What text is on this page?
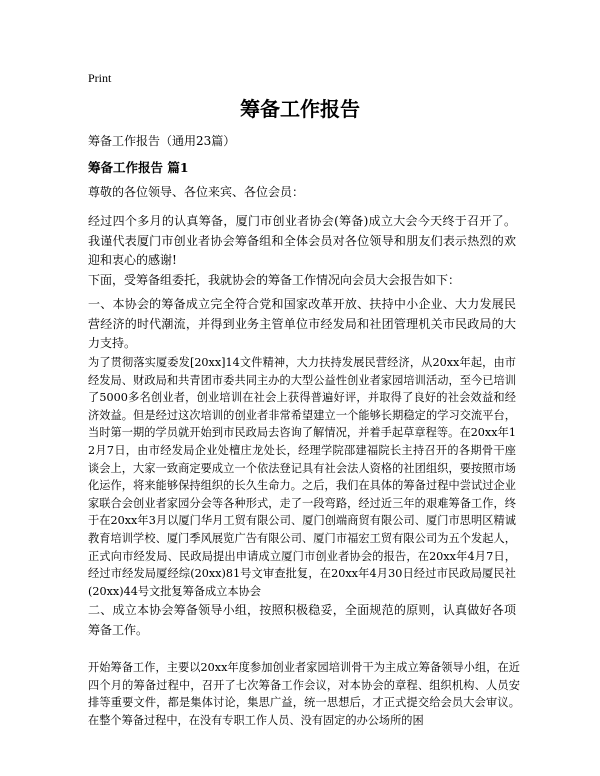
Print
筹备工作报告

筹备工作报告（通用23篇）

筹备工作报告 篇1

尊敬的各位领导、各位来宾、各位会员：

经过四个多月的认真筹备，厦门市创业者协会(筹备)成立大会今天终于召开了。我谨代表厦门市创业者协会筹备组和全体会员对各位领导和朋友们表示热烈的欢迎和衷心的感谢!

下面，受筹备组委托，我就协会的筹备工作情况向会员大会报告如下：

一、本协会的筹备成立完全符合党和国家改革开放、扶持中小企业、大力发展民营经济的时代潮流，并得到业务主管单位市经发局和社团管理机关市民政局的大力支持。

为了贯彻落实厦委发[20xx]14文件精神，大力扶持发展民营经济，从20xx年起，由市经发局、财政局和共青团市委共同主办的大型公益性创业者家园培训活动，至今已培训了5000多名创业者，创业培训在社会上获得普遍好评，并取得了良好的社会效益和经济效益。但是经过这次培训的创业者非常希望建立一个能够长期稳定的学习交流平台，当时第一期的学员就开始到市民政局去咨询了解情况，并着手起草章程等。在20xx年12月7日，由市经发局企业处檀庄龙处长，经理学院邵建福院长主持召开的各期骨干座谈会上，大家一致商定要成立一个依法登记具有社会法人资格的社团组织，要按照市场化运作，将来能够保持组织的长久生命力。之后，我们在具体的筹备过程中尝试过企业家联合会创业者家园分会等各种形式，走了一段弯路，经过近三年的艰难筹备工作，终于在20xx年3月以厦门华月工贸有限公司、厦门创端商贸有限公司、厦门市思明区精诚教育培训学校、厦门季风展览广告有限公司、厦门市福宏工贸有限公司为五个发起人，正式向市经发局、民政局提出申请成立厦门市创业者协会的报告，在20xx年4月7日，经过市经发局厦经综(20xx)81号文审查批复，在20xx年4月30日经过市民政局厦民社(20xx)44号文批复筹备成立本协会

二、成立本协会筹备领导小组，按照积极稳妥，全面规范的原则，认真做好各项筹备工作。

开始筹备工作，主要以20xx年度参加创业者家园培训骨干为主成立筹备领导小组，在近四个月的筹备过程中，召开了七次筹备工作会议，对本协会的章程、组织机构、人员安排等重要文件，都是集体讨论，集思广益，统一思想后，才正式提交给会员大会审议。在整个筹备过程中，在没有专职工作人员、没有固定的办公场所的困
